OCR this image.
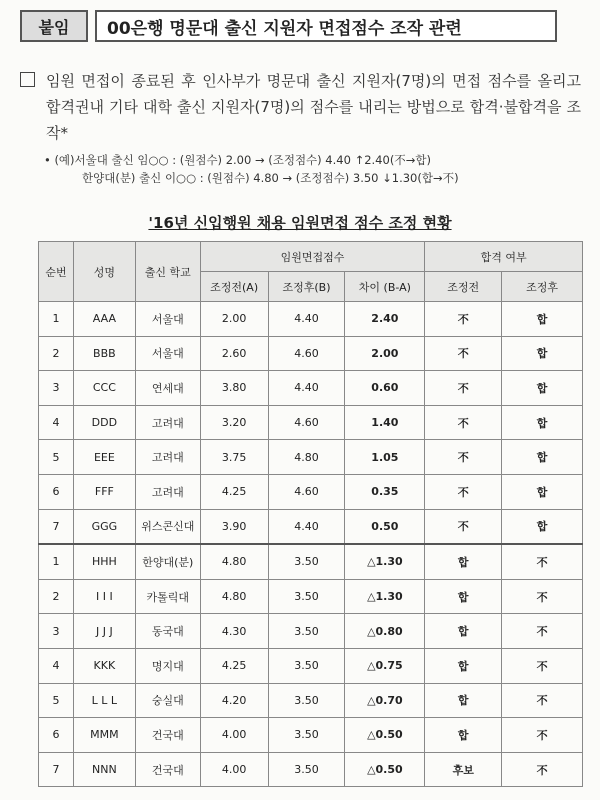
붙임	00은행 명문대 출신 지원자 면접점수 조작 관련
임원 면접이 종료된 후 인사부가 명문대 출신 지원자(7명)의 면접 점수를 올리고 합격권내 기타 대학 출신 지원자(7명)의 점수를 내리는 방법으로 합격·불합격을 조작*
• (예)서울대 출신 임○○ : (원점수) 2.00 → (조정점수) 4.40 ↑2.40(不→합)
한양대(분) 출신 이○○ : (원점수) 4.80 → (조정점수) 3.50 ↓1.30(합→不)
'16년 신입행원 채용 임원면접 점수 조정 현황
순번	성명	출신 학교	임원면접점수			합격 여부	
			조정전(A)	조정후(B)	차이 (B-A)	조정전	조정후
1	AAA	서울대	2.00	4.40	2.40	不	합
2	BBB	서울대	2.60	4.60	2.00	不	합
3	CCC	연세대	3.80	4.40	0.60	不	합
4	DDD	고려대	3.20	4.60	1.40	不	합
5	EEE	고려대	3.75	4.80	1.05	不	합
6	FFF	고려대	4.25	4.60	0.35	不	합
7	GGG	위스콘신대	3.90	4.40	0.50	不	합
1	HHH	한양대(분)	4.80	3.50	△1.30	합	不
2	I I I	카톨릭대	4.80	3.50	△1.30	합	不
3	J J J	동국대	4.30	3.50	△0.80	합	不
4	KKK	명지대	4.25	3.50	△0.75	합	不
5	L L L	숭실대	4.20	3.50	△0.70	합	不
6	MMM	건국대	4.00	3.50	△0.50	합	不
7	NNN	건국대	4.00	3.50	△0.50	후보	不
